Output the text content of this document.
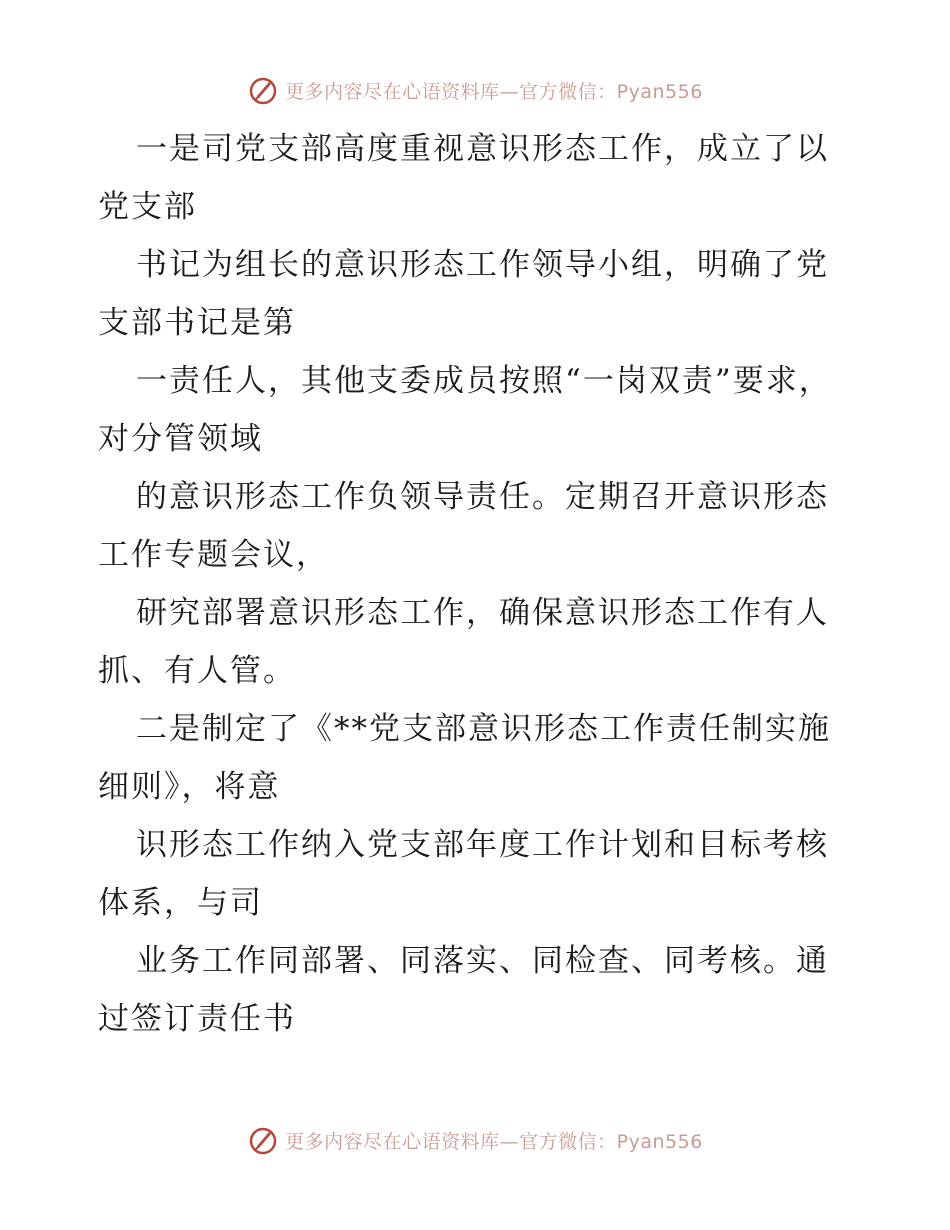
更多内容尽在心语资料库—官方微信：Pyan556

一是司党支部高度重视意识形态工作，成立了以党支部

书记为组长的意识形态工作领导小组，明确了党支部书记是第

一责任人，其他支委成员按照“一岗双责”要求，对分管领域

的意识形态工作负领导责任。定期召开意识形态工作专题会议，

研究部署意识形态工作，确保意识形态工作有人抓、有人管。

二是制定了《**党支部意识形态工作责任制实施细则》，将意

识形态工作纳入党支部年度工作计划和目标考核体系，与司

业务工作同部署、同落实、同检查、同考核。通过签订责任书

更多内容尽在心语资料库—官方微信：Pyan556
